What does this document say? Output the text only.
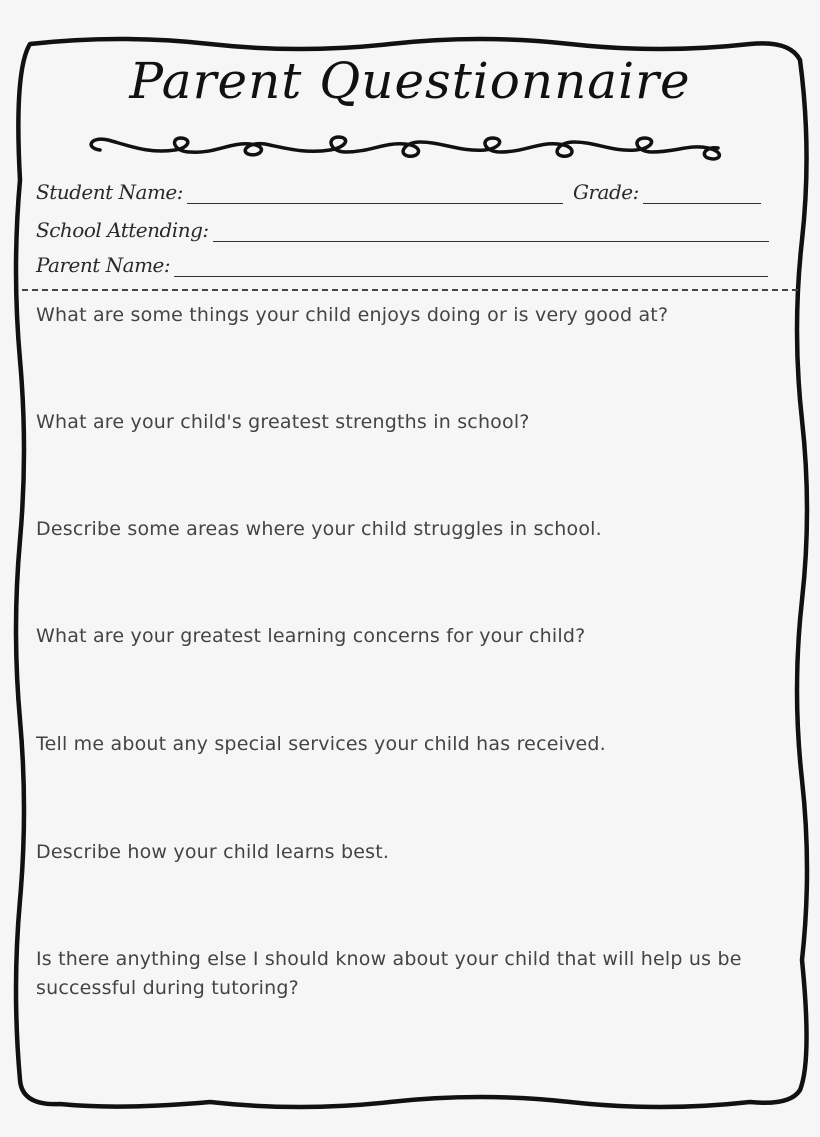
Parent Questionnaire
Student Name:	Grade:
School Attending:
Parent Name:

What are some things your child enjoys doing or is very good at?

What are your child's greatest strengths in school?

Describe some areas where your child struggles in school.

What are your greatest learning concerns for your child?

Tell me about any special services your child has received.

Describe how your child learns best.

Is there anything else I should know about your child that will help us be successful during tutoring?
